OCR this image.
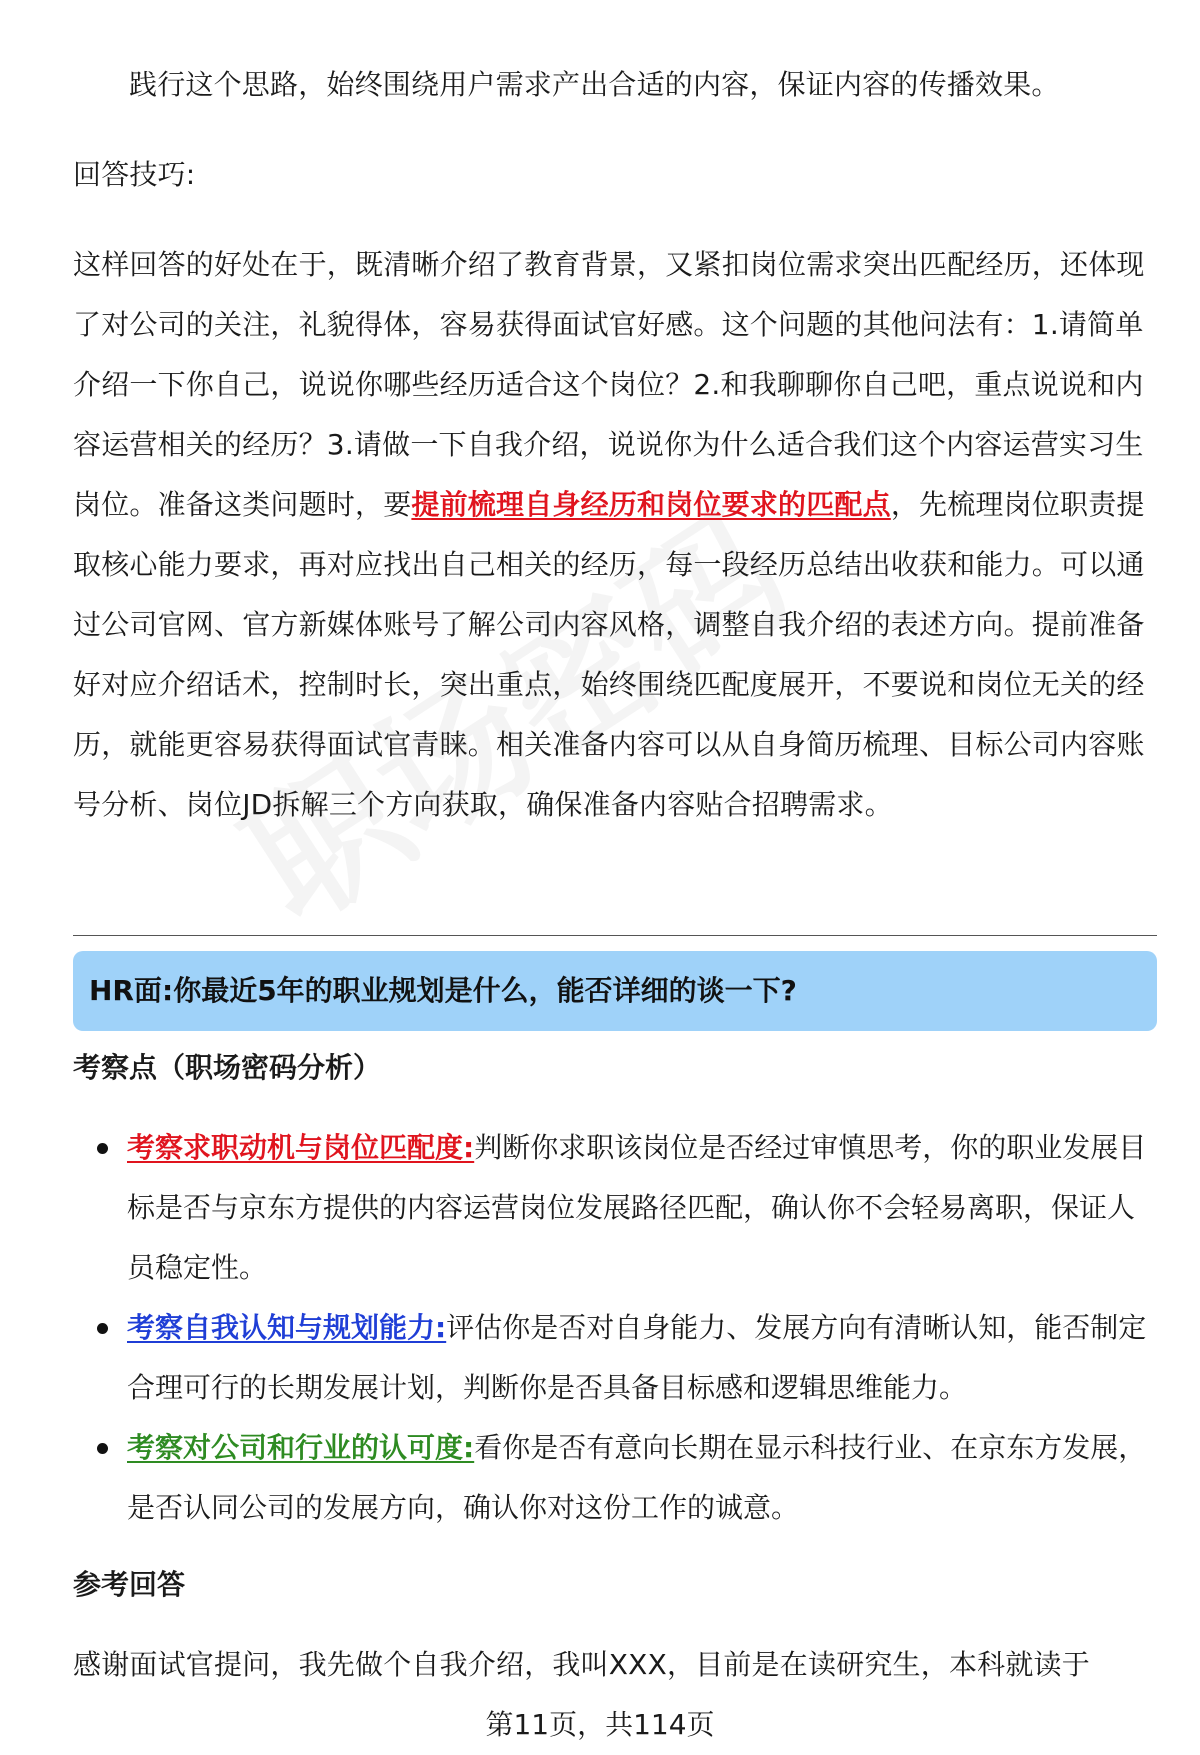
践行这个思路，始终围绕用户需求产出合适的内容，保证内容的传播效果。
回答技巧:
这样回答的好处在于，既清晰介绍了教育背景，又紧扣岗位需求突出匹配经历，还体现了对公司的关注，礼貌得体，容易获得面试官好感。这个问题的其他问法有：1.请简单介绍一下你自己，说说你哪些经历适合这个岗位？2.和我聊聊你自己吧，重点说说和内容运营相关的经历？3.请做一下自我介绍，说说你为什么适合我们这个内容运营实习生岗位。准备这类问题时，要提前梳理自身经历和岗位要求的匹配点，先梳理岗位职责提取核心能力要求，再对应找出自己相关的经历，每一段经历总结出收获和能力。可以通过公司官网、官方新媒体账号了解公司内容风格，调整自我介绍的表述方向。提前准备好对应介绍话术，控制时长，突出重点，始终围绕匹配度展开，不要说和岗位无关的经历，就能更容易获得面试官青睐。相关准备内容可以从自身简历梳理、目标公司内容账号分析、岗位JD拆解三个方向获取，确保准备内容贴合招聘需求。
HR面:你最近5年的职业规划是什么，能否详细的谈一下?
考察点（职场密码分析）
考察求职动机与岗位匹配度:判断你求职该岗位是否经过审慎思考，你的职业发展目标是否与京东方提供的内容运营岗位发展路径匹配，确认你不会轻易离职，保证人员稳定性。
考察自我认知与规划能力:评估你是否对自身能力、发展方向有清晰认知，能否制定合理可行的长期发展计划，判断你是否具备目标感和逻辑思维能力。
考察对公司和行业的认可度:看你是否有意向长期在显示科技行业、在京东方发展，是否认同公司的发展方向，确认你对这份工作的诚意。
参考回答
感谢面试官提问，我先做个自我介绍，我叫XXX，目前是在读研究生，本科就读于
第11页，共114页
